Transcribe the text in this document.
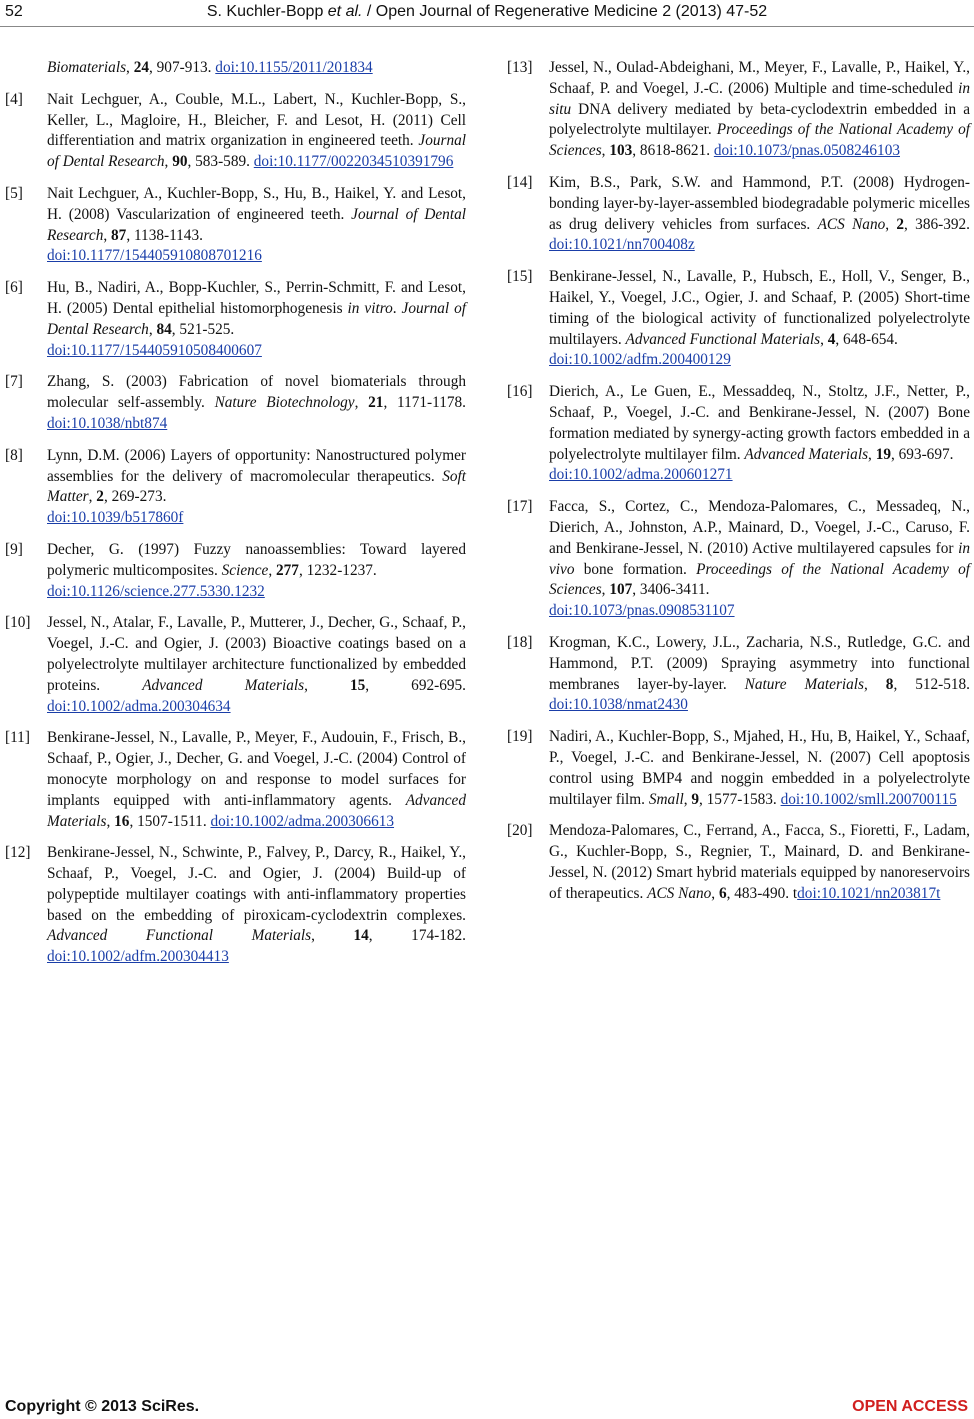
52	S. Kuchler-Bopp et al. / Open Journal of Regenerative Medicine 2 (2013) 47-52
Biomaterials, 24, 907-913. doi:10.1155/2011/201834
[4]	Nait Lechguer, A., Couble, M.L., Labert, N., Kuchler-Bopp, S., Keller, L., Magloire, H., Bleicher, F. and Lesot, H. (2011) Cell differentiation and matrix organization in engineered teeth. Journal of Dental Research, 90, 583-589. doi:10.1177/0022034510391796
[5]	Nait Lechguer, A., Kuchler-Bopp, S., Hu, B., Haikel, Y. and Lesot, H. (2008) Vascularization of engineered teeth. Journal of Dental Research, 87, 1138-1143.
doi:10.1177/154405910808701216
[6]	Hu, B., Nadiri, A., Bopp-Kuchler, S., Perrin-Schmitt, F. and Lesot, H. (2005) Dental epithelial histomorphogenesis in vitro. Journal of Dental Research, 84, 521-525.
doi:10.1177/154405910508400607
[7]	Zhang, S. (2003) Fabrication of novel biomaterials through molecular self-assembly. Nature Biotechnology, 21, 1171-1178. doi:10.1038/nbt874
[8]	Lynn, D.M. (2006) Layers of opportunity: Nanostructured polymer assemblies for the delivery of macromolecular therapeutics. Soft Matter, 2, 269-273.
doi:10.1039/b517860f
[9]	Decher, G. (1997) Fuzzy nanoassemblies: Toward layered polymeric multicomposites. Science, 277, 1232-1237.
doi:10.1126/science.277.5330.1232
[10]	Jessel, N., Atalar, F., Lavalle, P., Mutterer, J., Decher, G., Schaaf, P., Voegel, J.-C. and Ogier, J. (2003) Bioactive coatings based on a polyelectrolyte multilayer architecture functionalized by embedded proteins. Advanced Materials, 15, 692-695. doi:10.1002/adma.200304634
[11]	Benkirane-Jessel, N., Lavalle, P., Meyer, F., Audouin, F., Frisch, B., Schaaf, P., Ogier, J., Decher, G. and Voegel, J.-C. (2004) Control of monocyte morphology on and response to model surfaces for implants equipped with anti-inflammatory agents. Advanced Materials, 16, 1507-1511. doi:10.1002/adma.200306613
[12]	Benkirane-Jessel, N., Schwinte, P., Falvey, P., Darcy, R., Haikel, Y., Schaaf, P., Voegel, J.-C. and Ogier, J. (2004) Build-up of polypeptide multilayer coatings with anti-inflammatory properties based on the embedding of piroxicam-cyclodextrin complexes. Advanced Functional Materials, 14, 174-182. doi:10.1002/adfm.200304413
[13]	Jessel, N., Oulad-Abdeighani, M., Meyer, F., Lavalle, P., Haikel, Y., Schaaf, P. and Voegel, J.-C. (2006) Multiple and time-scheduled in situ DNA delivery mediated by beta-cyclodextrin embedded in a polyelectrolyte multilayer. Proceedings of the National Academy of Sciences, 103, 8618-8621. doi:10.1073/pnas.0508246103
[14]	Kim, B.S., Park, S.W. and Hammond, P.T. (2008) Hydrogen-bonding layer-by-layer-assembled biodegradable polymeric micelles as drug delivery vehicles from surfaces. ACS Nano, 2, 386-392. doi:10.1021/nn700408z
[15]	Benkirane-Jessel, N., Lavalle, P., Hubsch, E., Holl, V., Senger, B., Haikel, Y., Voegel, J.C., Ogier, J. and Schaaf, P. (2005) Short-time timing of the biological activity of functionalized polyelectrolyte multilayers. Advanced Functional Materials, 4, 648-654.
doi:10.1002/adfm.200400129
[16]	Dierich, A., Le Guen, E., Messaddeq, N., Stoltz, J.F., Netter, P., Schaaf, P., Voegel, J.-C. and Benkirane-Jessel, N. (2007) Bone formation mediated by synergy-acting growth factors embedded in a polyelectrolyte multilayer film. Advanced Materials, 19, 693-697.
doi:10.1002/adma.200601271
[17]	Facca, S., Cortez, C., Mendoza-Palomares, C., Messadeq, N., Dierich, A., Johnston, A.P., Mainard, D., Voegel, J.-C., Caruso, F. and Benkirane-Jessel, N. (2010) Active multilayered capsules for in vivo bone formation. Proceedings of the National Academy of Sciences, 107, 3406-3411.
doi:10.1073/pnas.0908531107
[18]	Krogman, K.C., Lowery, J.L., Zacharia, N.S., Rutledge, G.C. and Hammond, P.T. (2009) Spraying asymmetry into functional membranes layer-by-layer. Nature Materials, 8, 512-518. doi:10.1038/nmat2430
[19]	Nadiri, A., Kuchler-Bopp, S., Mjahed, H., Hu, B, Haikel, Y., Schaaf, P., Voegel, J.-C. and Benkirane-Jessel, N. (2007) Cell apoptosis control using BMP4 and noggin embedded in a polyelectrolyte multilayer film. Small, 9, 1577-1583. doi:10.1002/smll.200700115
[20]	Mendoza-Palomares, C., Ferrand, A., Facca, S., Fioretti, F., Ladam, G., Kuchler-Bopp, S., Regnier, T., Mainard, D. and Benkirane-Jessel, N. (2012) Smart hybrid materials equipped by nanoreservoirs of therapeutics. ACS Nano, 6, 483-490. tdoi:10.1021/nn203817t
Copyright © 2013 SciRes.	OPEN ACCESS
